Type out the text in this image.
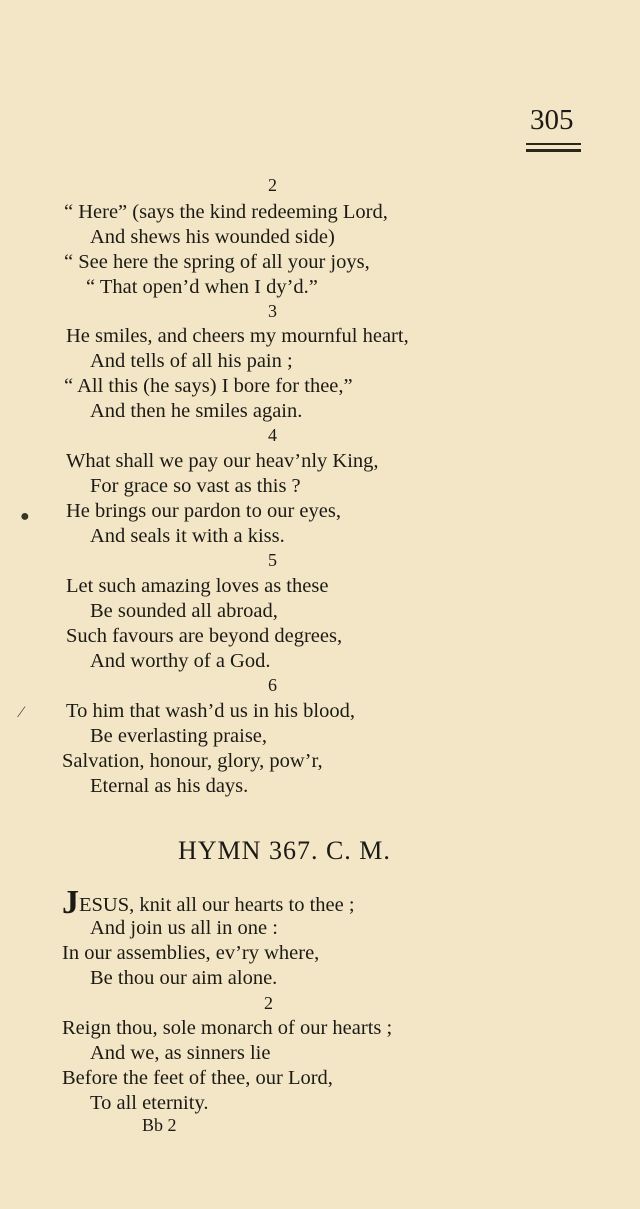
305
2
“ Here” (says the kind redeeming Lord,
And shews his wounded side)
“ See here the spring of all your joys,
“ That open’d when I dy’d.”
3
He smiles, and cheers my mournful heart,
And tells of all his pain ;
“ All this (he says) I bore for thee,”
And then he smiles again.
4
What shall we pay our heav’nly King,
For grace so vast as this ?
● He brings our pardon to our eyes,
And seals it with a kiss.
5
Let such amazing loves as these
Be sounded all abroad,
Such favours are beyond degrees,
And worthy of a God.
6
⁄ To him that wash’d us in his blood,
Be everlasting praise,
Salvation, honour, glory, pow’r,
Eternal as his days.
HYMN 367. C. M.
JESUS, knit all our hearts to thee ;
And join us all in one :
In our assemblies, ev’ry where,
Be thou our aim alone.
2
Reign thou, sole monarch of our hearts ;
And we, as sinners lie
Before the feet of thee, our Lord,
To all eternity.
Bb 2
